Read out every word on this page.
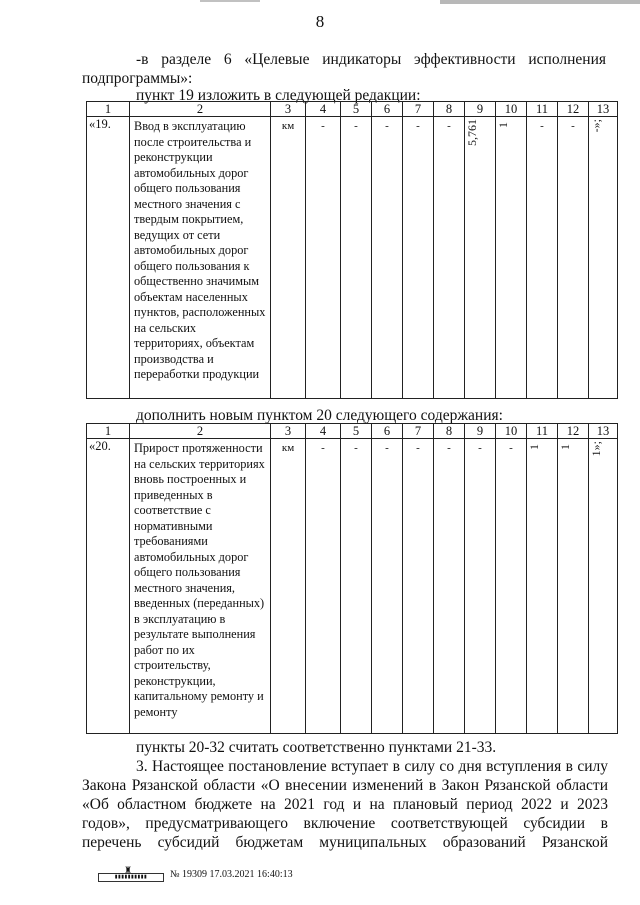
8
-в разделе 6 «Целевые индикаторы эффективности исполнения
подпрограммы»:
пункт 19 изложить в следующей редакции:
1	2	3	4	5	6	7	8	9	10	11	12	13
«19.	Ввод в эксплуатацию после строительства и реконструкции автомобильных дорог общего пользования местного значения с твердым покрытием, ведущих от сети автомобильных дорог общего пользования к общественно значимым объектам населенных пунктов, расположенных на сельских территориях, объектам производства и переработки продукции	км	-	-	-	-	-	5,761	1	-	-	-»;
дополнить новым пунктом 20 следующего содержания:
1	2	3	4	5	6	7	8	9	10	11	12	13
«20.	Прирост протяженности на сельских территориях вновь построенных и приведенных в соответствие с нормативными требованиями автомобильных дорог общего пользования местного значения, введенных (переданных) в эксплуатацию в результате выполнения работ по их строительству, реконструкции, капитальному ремонту и ремонту	км	-	-	-	-	-	-	-	1	1	1»;
пункты 20-32 считать соответственно пунктами 21-33.
3. Настоящее постановление вступает в силу со дня вступления в силу
Закона Рязанской области «О внесении изменений в Закон Рязанской области
«Об областном бюджете на 2021 год и на плановый период 2022 и 2023
годов», предусматривающего включение соответствующей субсидии в
перечень субсидий бюджетам муниципальных образований Рязанской
♜
▮▮▮▮▮▮▮▮▮▮	№ 19309 17.03.2021 16:40:13
